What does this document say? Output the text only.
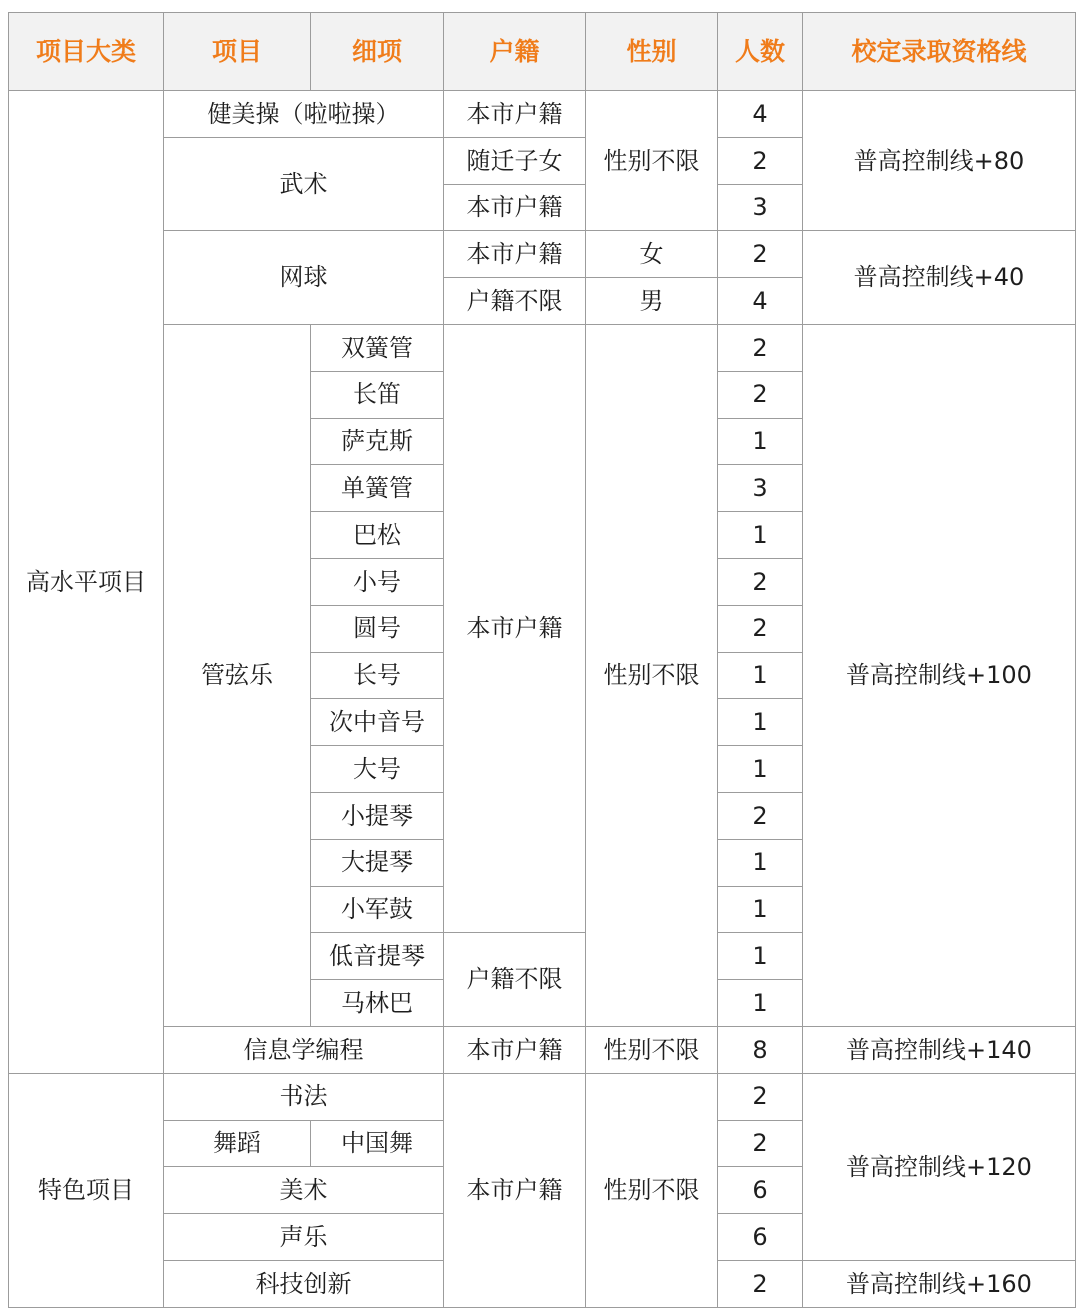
项目大类	项目	细项	户籍	性别	人数	校定录取资格线
高水平项目	健美操（啦啦操）		本市户籍	性别不限	4	普高控制线+80
	武术		随迁子女		2	
			本市户籍		3	
	网球		本市户籍	女	2	普高控制线+40
			户籍不限	男	4	
	管弦乐	双簧管	本市户籍	性别不限	2	普高控制线+100
		长笛			2	
		萨克斯			1	
		单簧管			3	
		巴松			1	
		小号			2	
		圆号			2	
		长号			1	
		次中音号			1	
		大号			1	
		小提琴			2	
		大提琴			1	
		小军鼓			1	
		低音提琴	户籍不限		1	
		马林巴			1	
	信息学编程		本市户籍	性别不限	8	普高控制线+140
特色项目	书法		本市户籍	性别不限	2	普高控制线+120
	舞蹈	中国舞			2	
	美术				6	
	声乐				6	
	科技创新				2	普高控制线+160
